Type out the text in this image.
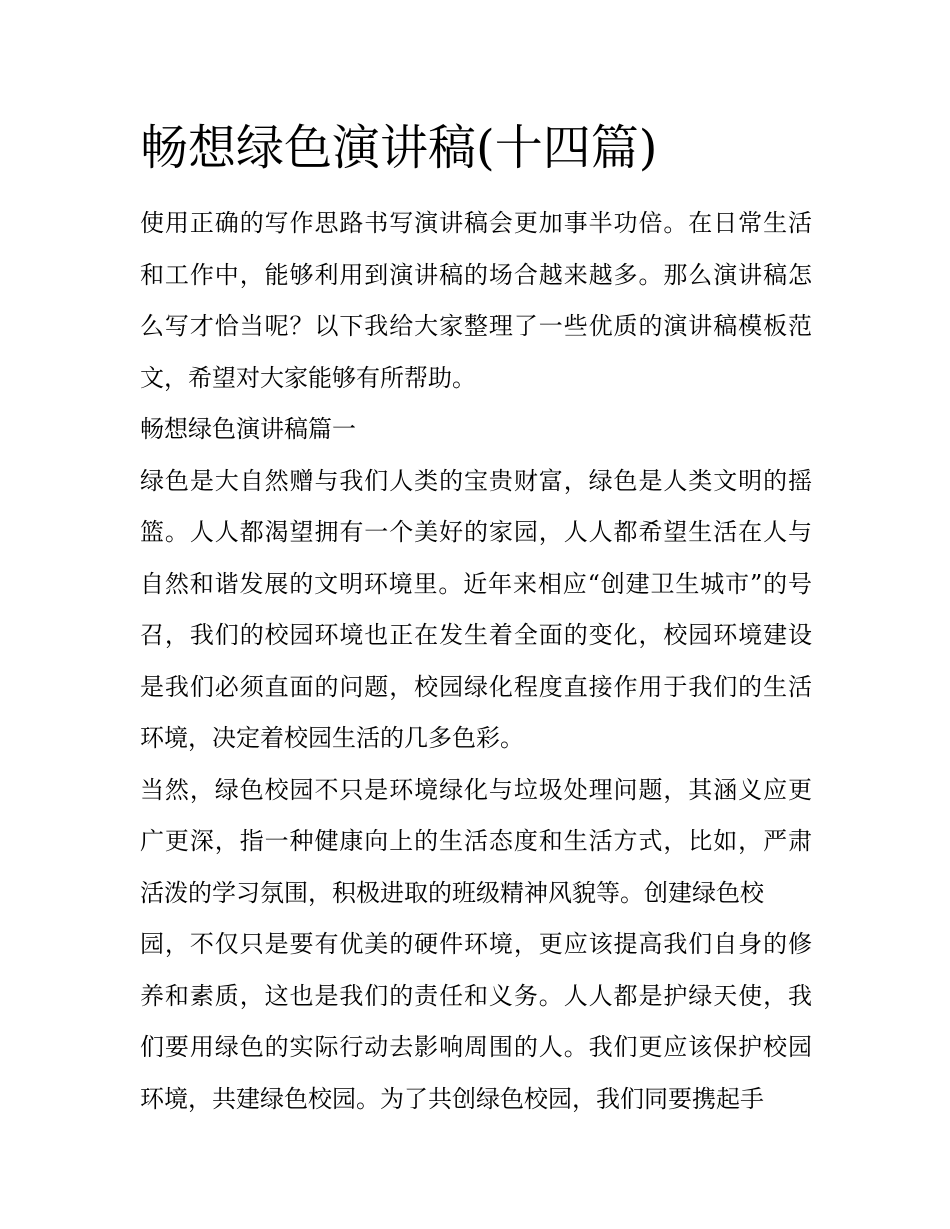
畅想绿色演讲稿(十四篇)
使用正确的写作思路书写演讲稿会更加事半功倍。在日常生活
和工作中，能够利用到演讲稿的场合越来越多。那么演讲稿怎
么写才恰当呢？以下我给大家整理了一些优质的演讲稿模板范
文，希望对大家能够有所帮助。
畅想绿色演讲稿篇一
绿色是大自然赠与我们人类的宝贵财富，绿色是人类文明的摇
篮。人人都渴望拥有一个美好的家园，人人都希望生活在人与
自然和谐发展的文明环境里。近年来相应“创建卫生城市”的号
召，我们的校园环境也正在发生着全面的变化，校园环境建设
是我们必须直面的问题，校园绿化程度直接作用于我们的生活
环境，决定着校园生活的几多色彩。
当然，绿色校园不只是环境绿化与垃圾处理问题，其涵义应更
广更深，指一种健康向上的生活态度和生活方式，比如，严肃
活泼的学习氛围，积极进取的班级精神风貌等。创建绿色校
园，不仅只是要有优美的硬件环境，更应该提高我们自身的修
养和素质，这也是我们的责任和义务。人人都是护绿天使，我
们要用绿色的实际行动去影响周围的人。我们更应该保护校园
环境，共建绿色校园。为了共创绿色校园，我们同要携起手
